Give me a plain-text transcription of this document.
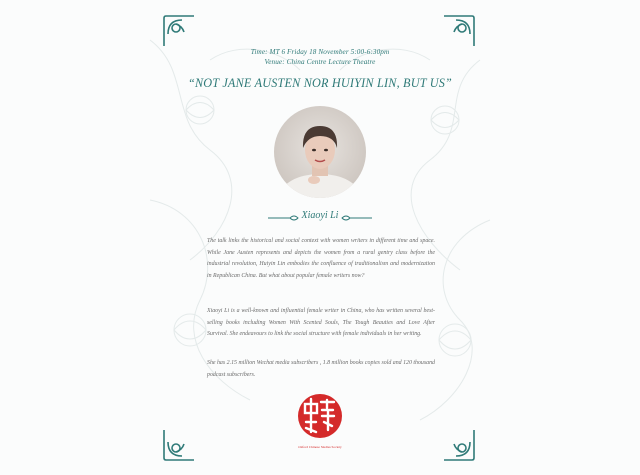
Time: MT 6 Friday 18 November 5:00-6:30pm
Venue: China Centre Lecture Theatre
“NOT JANE AUSTEN NOR HUIYIN LIN, BUT US”
Xiaoyi Li
The talk links the historical and social context with women writers in different time and space. While Jane Austen represents and depicts the women from a rural gentry class before the industrial revolution, Huiyin Lin embodies the confluence of traditionalism and modernization in Republican China. But what about popular female writers now?
Xiaoyi Li is a well-known and influential female writer in China, who has written several best-selling books including Women With Scented Souls, The Tough Beauties and Love After Survival. She endeavours to link the social structure with female individuals in her writing.
She has 2.15 million Wechat media subscribers , 1.8 million books copies sold and 120 thousand podcast subscribers.
Oxford Chinese Studies Society
